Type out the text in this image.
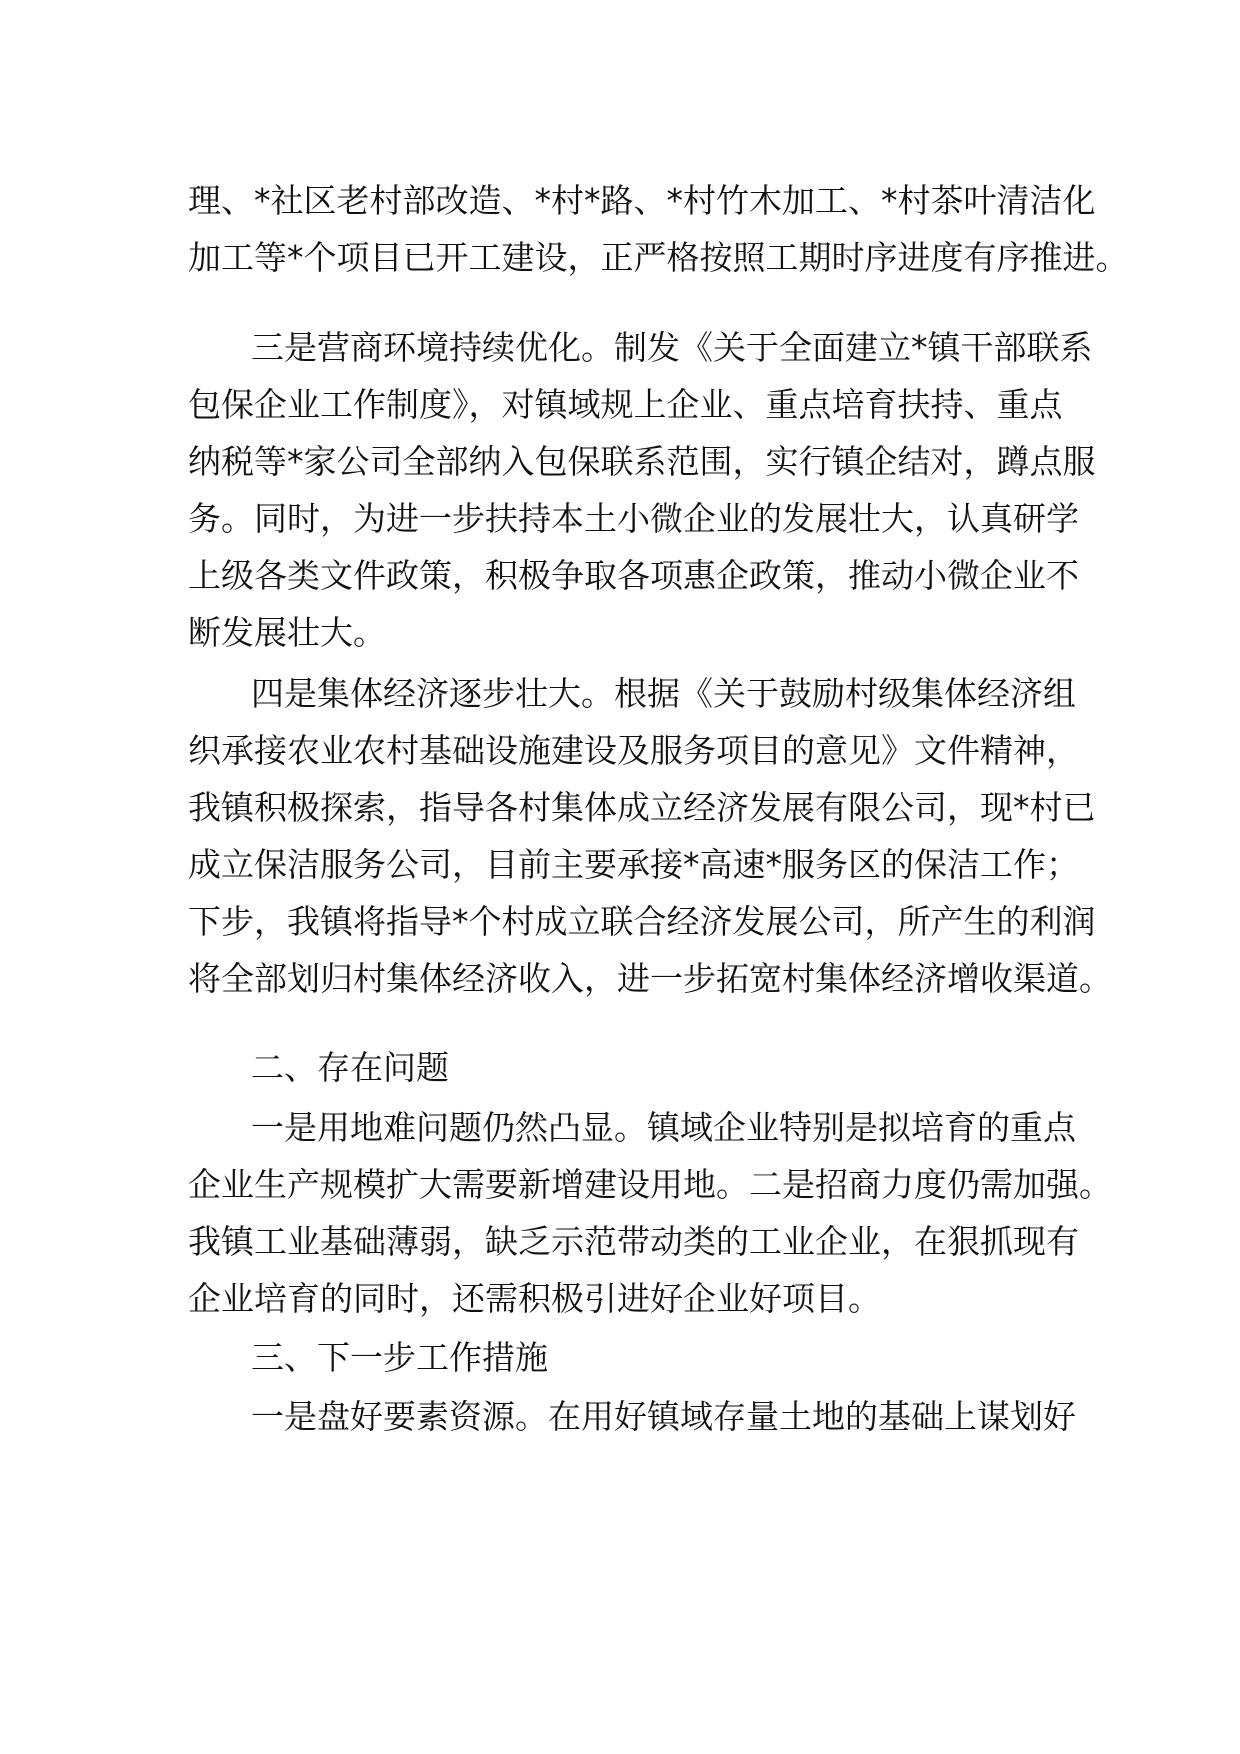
理、*社区老村部改造、*村*路、*村竹木加工、*村茶叶清洁化
加工等*个项目已开工建设，正严格按照工期时序进度有序推进。
三是营商环境持续优化。制发《关于全面建立*镇干部联系
包保企业工作制度》，对镇域规上企业、重点培育扶持、重点
纳税等*家公司全部纳入包保联系范围，实行镇企结对，蹲点服
务。同时，为进一步扶持本土小微企业的发展壮大，认真研学
上级各类文件政策，积极争取各项惠企政策，推动小微企业不
断发展壮大。
四是集体经济逐步壮大。根据《关于鼓励村级集体经济组
织承接农业农村基础设施建设及服务项目的意见》文件精神，
我镇积极探索，指导各村集体成立经济发展有限公司，现*村已
成立保洁服务公司，目前主要承接*高速*服务区的保洁工作；
下步，我镇将指导*个村成立联合经济发展公司，所产生的利润
将全部划归村集体经济收入，进一步拓宽村集体经济增收渠道。
二、存在问题
一是用地难问题仍然凸显。镇域企业特别是拟培育的重点
企业生产规模扩大需要新增建设用地。二是招商力度仍需加强。
我镇工业基础薄弱，缺乏示范带动类的工业企业，在狠抓现有
企业培育的同时，还需积极引进好企业好项目。
三、下一步工作措施
一是盘好要素资源。在用好镇域存量土地的基础上谋划好
